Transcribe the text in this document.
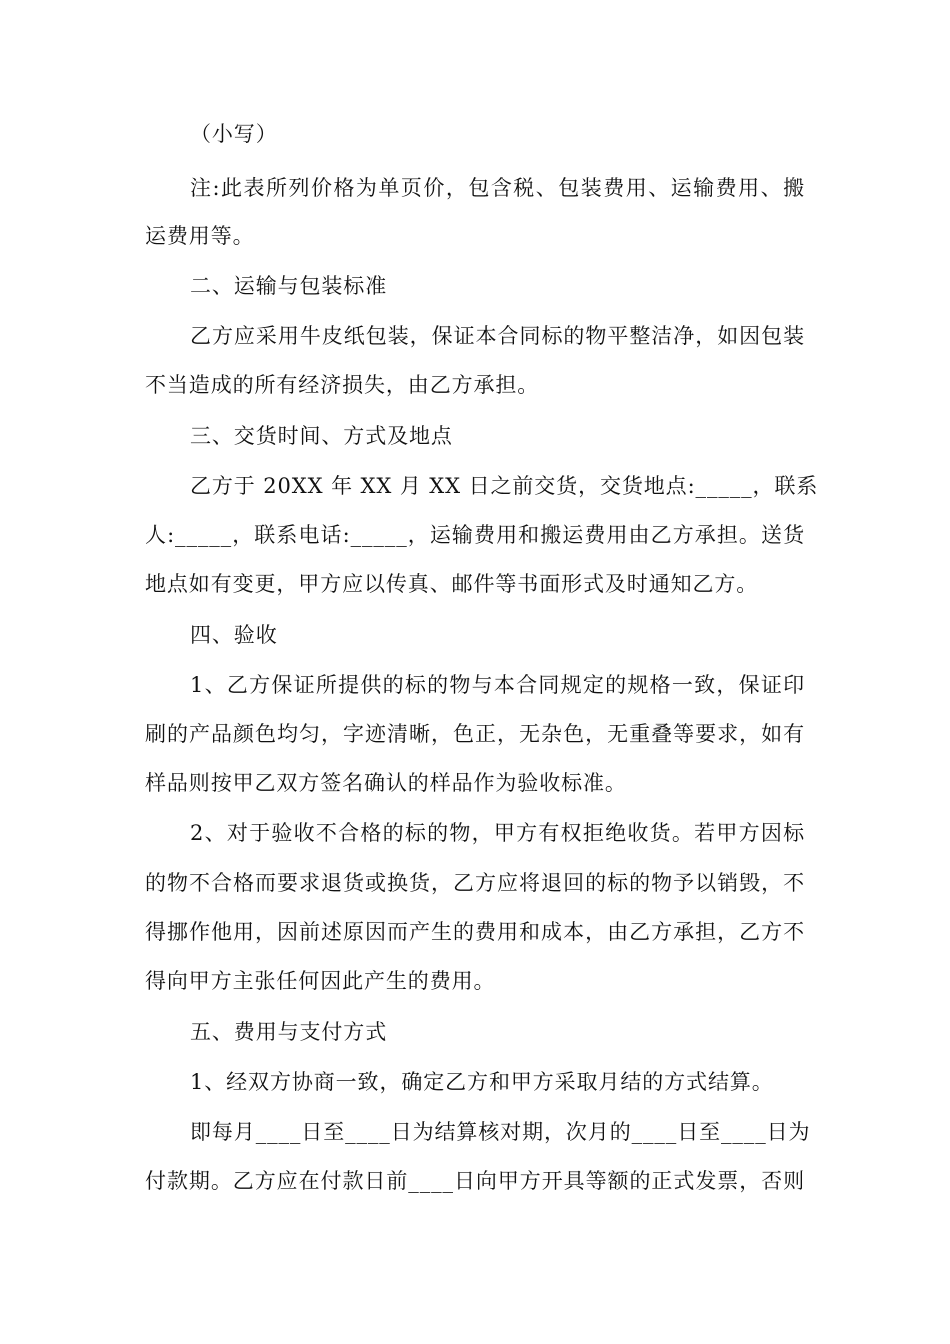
（小写）
注:此表所列价格为单页价，包含税、包装费用、运输费用、搬
运费用等。
二、运输与包装标准
乙方应采用牛皮纸包装，保证本合同标的物平整洁净，如因包装
不当造成的所有经济损失，由乙方承担。
三、交货时间、方式及地点
乙方于 20XX 年 XX 月 XX 日之前交货，交货地点:_____，联系
人:_____，联系电话:_____，运输费用和搬运费用由乙方承担。送货
地点如有变更，甲方应以传真、邮件等书面形式及时通知乙方。
四、验收
1、乙方保证所提供的标的物与本合同规定的规格一致，保证印
刷的产品颜色均匀，字迹清晰，色正，无杂色，无重叠等要求，如有
样品则按甲乙双方签名确认的样品作为验收标准。
2、对于验收不合格的标的物，甲方有权拒绝收货。若甲方因标
的物不合格而要求退货或换货，乙方应将退回的标的物予以销毁，不
得挪作他用，因前述原因而产生的费用和成本，由乙方承担，乙方不
得向甲方主张任何因此产生的费用。
五、费用与支付方式
1、经双方协商一致，确定乙方和甲方采取月结的方式结算。
即每月____日至____日为结算核对期，次月的____日至____日为
付款期。乙方应在付款日前____日向甲方开具等额的正式发票，否则
